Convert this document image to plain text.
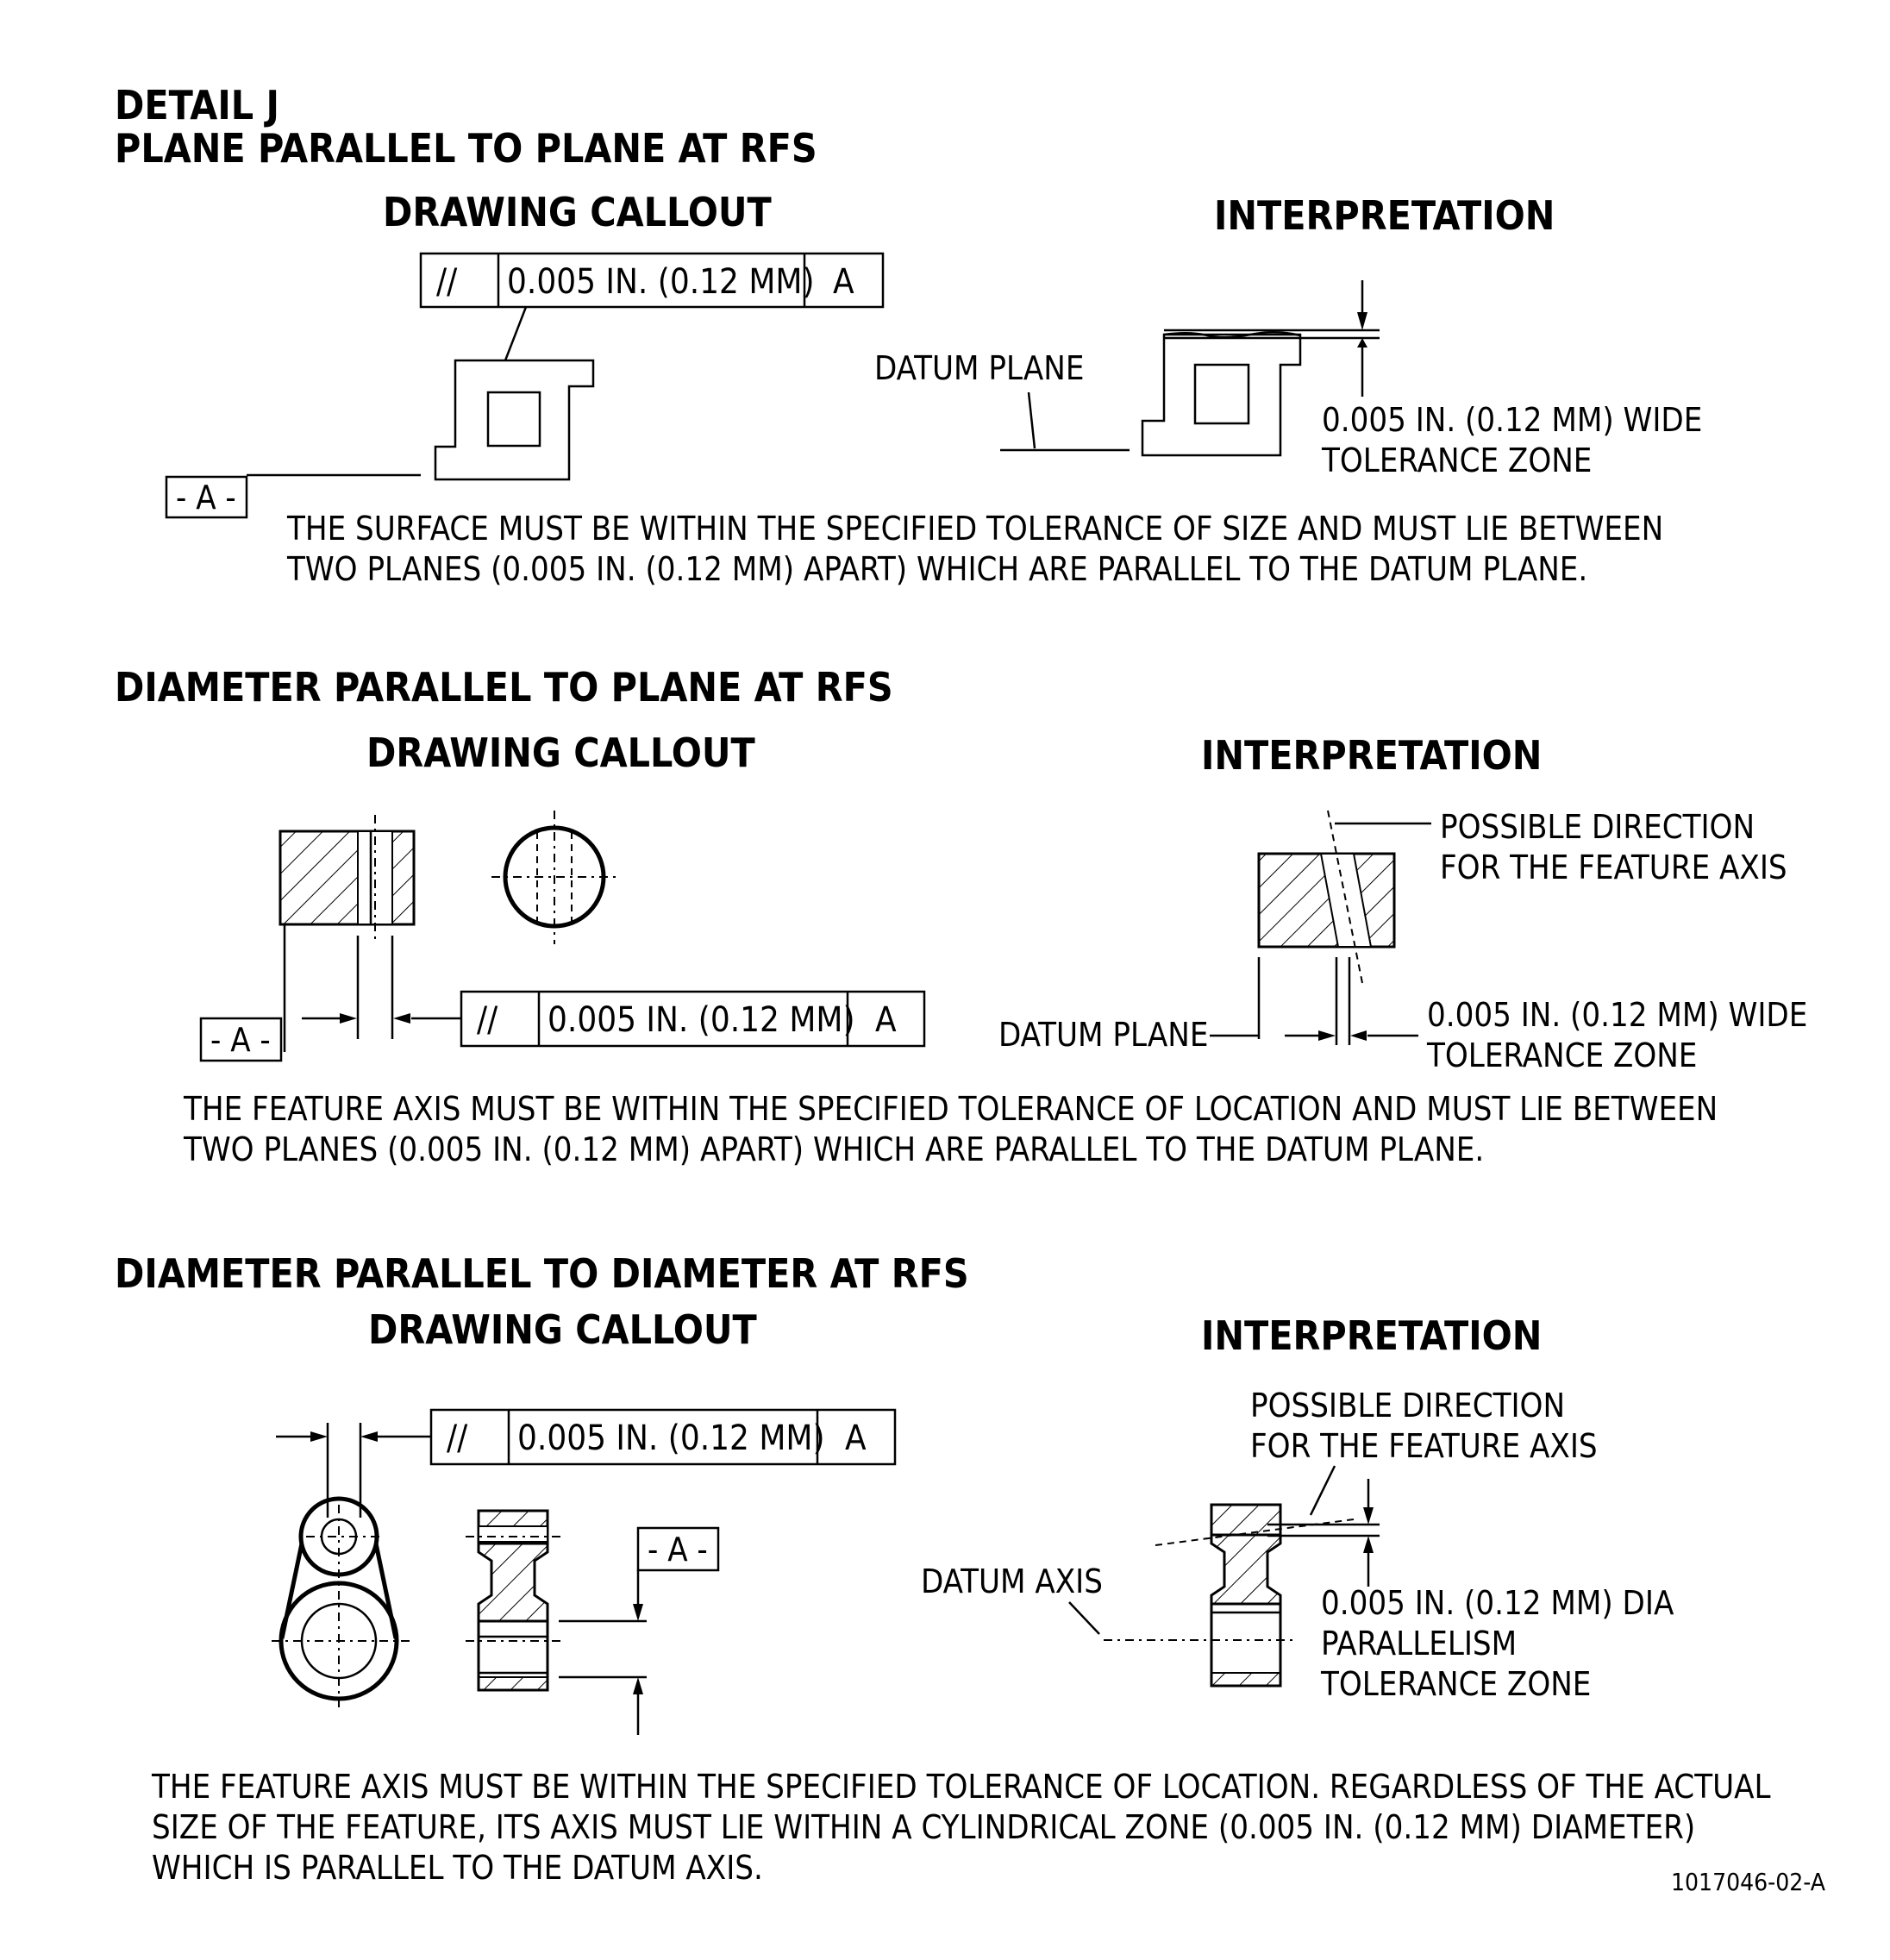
DETAIL J
PLANE PARALLEL TO PLANE AT RFS
DRAWING CALLOUT	INTERPRETATION
// 0.005 IN. (0.12 MM) A
- A -
DATUM PLANE
0.005 IN. (0.12 MM) WIDE
TOLERANCE ZONE
THE SURFACE MUST BE WITHIN THE SPECIFIED TOLERANCE OF SIZE AND MUST LIE BETWEEN
TWO PLANES (0.005 IN. (0.12 MM) APART) WHICH ARE PARALLEL TO THE DATUM PLANE.
DIAMETER PARALLEL TO PLANE AT RFS
DRAWING CALLOUT	INTERPRETATION
- A -	// 0.005 IN. (0.12 MM) A
POSSIBLE DIRECTION
FOR THE FEATURE AXIS
DATUM PLANE
0.005 IN. (0.12 MM) WIDE
TOLERANCE ZONE
THE FEATURE AXIS MUST BE WITHIN THE SPECIFIED TOLERANCE OF LOCATION AND MUST LIE BETWEEN
TWO PLANES (0.005 IN. (0.12 MM) APART) WHICH ARE PARALLEL TO THE DATUM PLANE.
DIAMETER PARALLEL TO DIAMETER AT RFS
DRAWING CALLOUT	INTERPRETATION
// 0.005 IN. (0.12 MM) A
- A -
POSSIBLE DIRECTION
FOR THE FEATURE AXIS
DATUM AXIS
0.005 IN. (0.12 MM) DIA
PARALLELISM
TOLERANCE ZONE
THE FEATURE AXIS MUST BE WITHIN THE SPECIFIED TOLERANCE OF LOCATION. REGARDLESS OF THE ACTUAL
SIZE OF THE FEATURE, ITS AXIS MUST LIE WITHIN A CYLINDRICAL ZONE (0.005 IN. (0.12 MM) DIAMETER)
WHICH IS PARALLEL TO THE DATUM AXIS.	1017046-02-A
